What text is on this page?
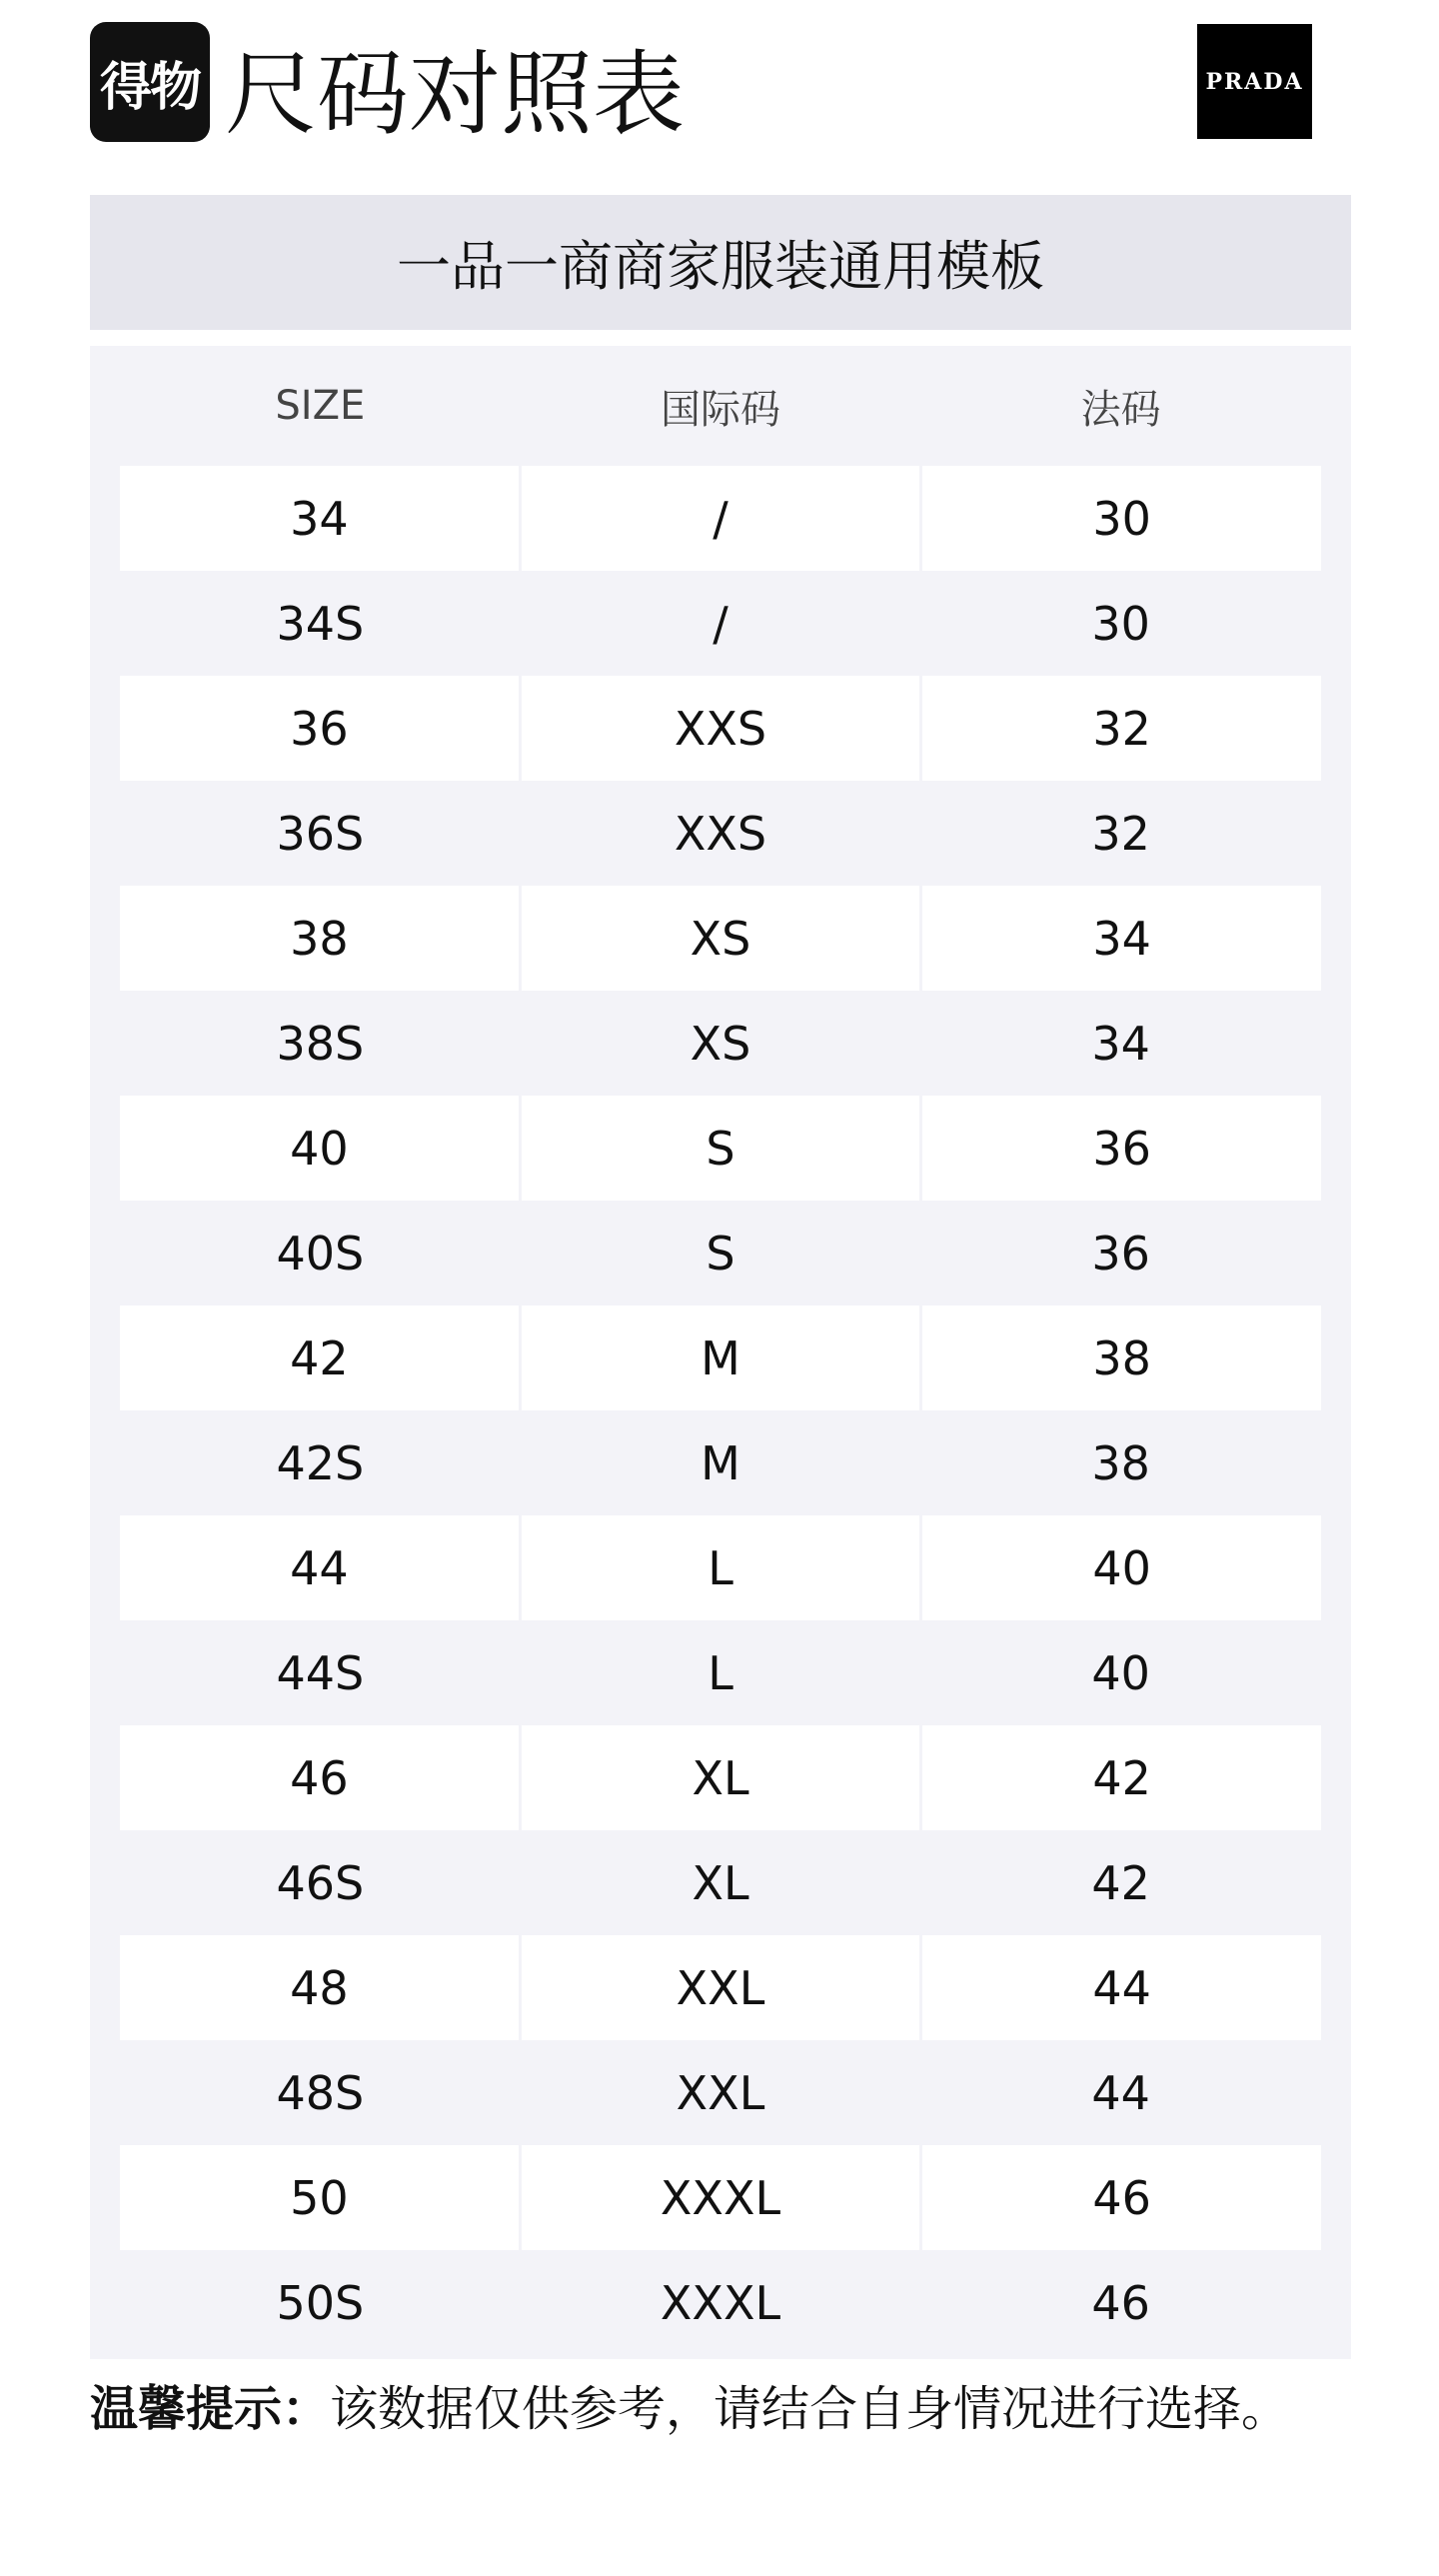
得物 尺码对照表	PRADA
一品一商商家服装通用模板
SIZE	国际码	法码
34	/	30
34S	/	30
36	XXS	32
36S	XXS	32
38	XS	34
38S	XS	34
40	S	36
40S	S	36
42	M	38
42S	M	38
44	L	40
44S	L	40
46	XL	42
46S	XL	42
48	XXL	44
48S	XXL	44
50	XXXL	46
50S	XXXL	46
温馨提示：该数据仅供参考，请结合自身情况进行选择。
